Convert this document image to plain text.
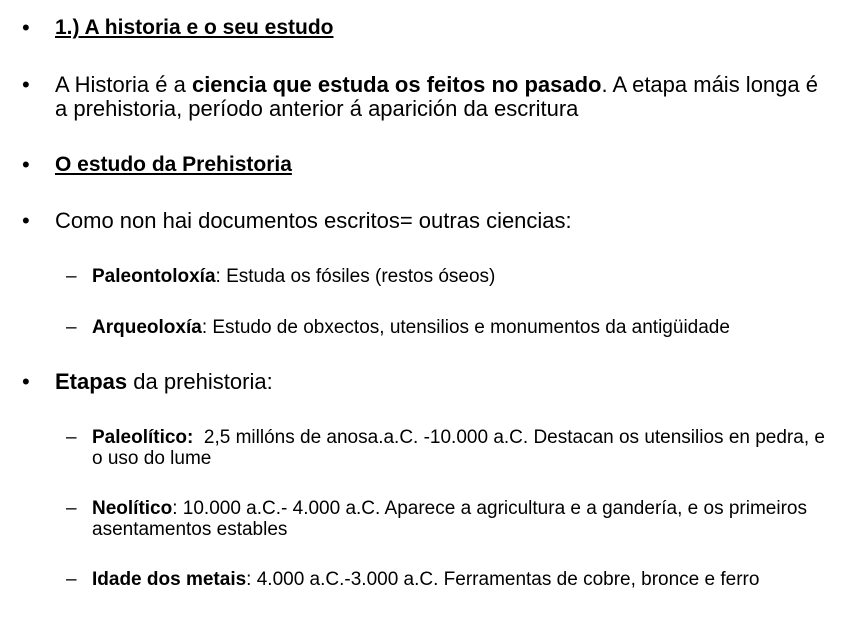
• 1.) A historia e o seu estudo
• A Historia é a ciencia que estuda os feitos no pasado. A etapa máis longa é a prehistoria, período anterior á aparición da escritura
• O estudo da Prehistoria
• Como non hai documentos escritos= outras ciencias:
– Paleontoloxía: Estuda os fósiles (restos óseos)
– Arqueoloxía: Estudo de obxectos, utensilios e monumentos da antigüidade
• Etapas da prehistoria:
– Paleolítico:  2,5 millóns de anosa.a.C. -10.000 a.C. Destacan os utensilios en pedra, e o uso do lume
– Neolítico: 10.000 a.C.- 4.000 a.C. Aparece a agricultura e a gandería, e os primeiros asentamentos estables
– Idade dos metais: 4.000 a.C.-3.000 a.C. Ferramentas de cobre, bronce e ferro
